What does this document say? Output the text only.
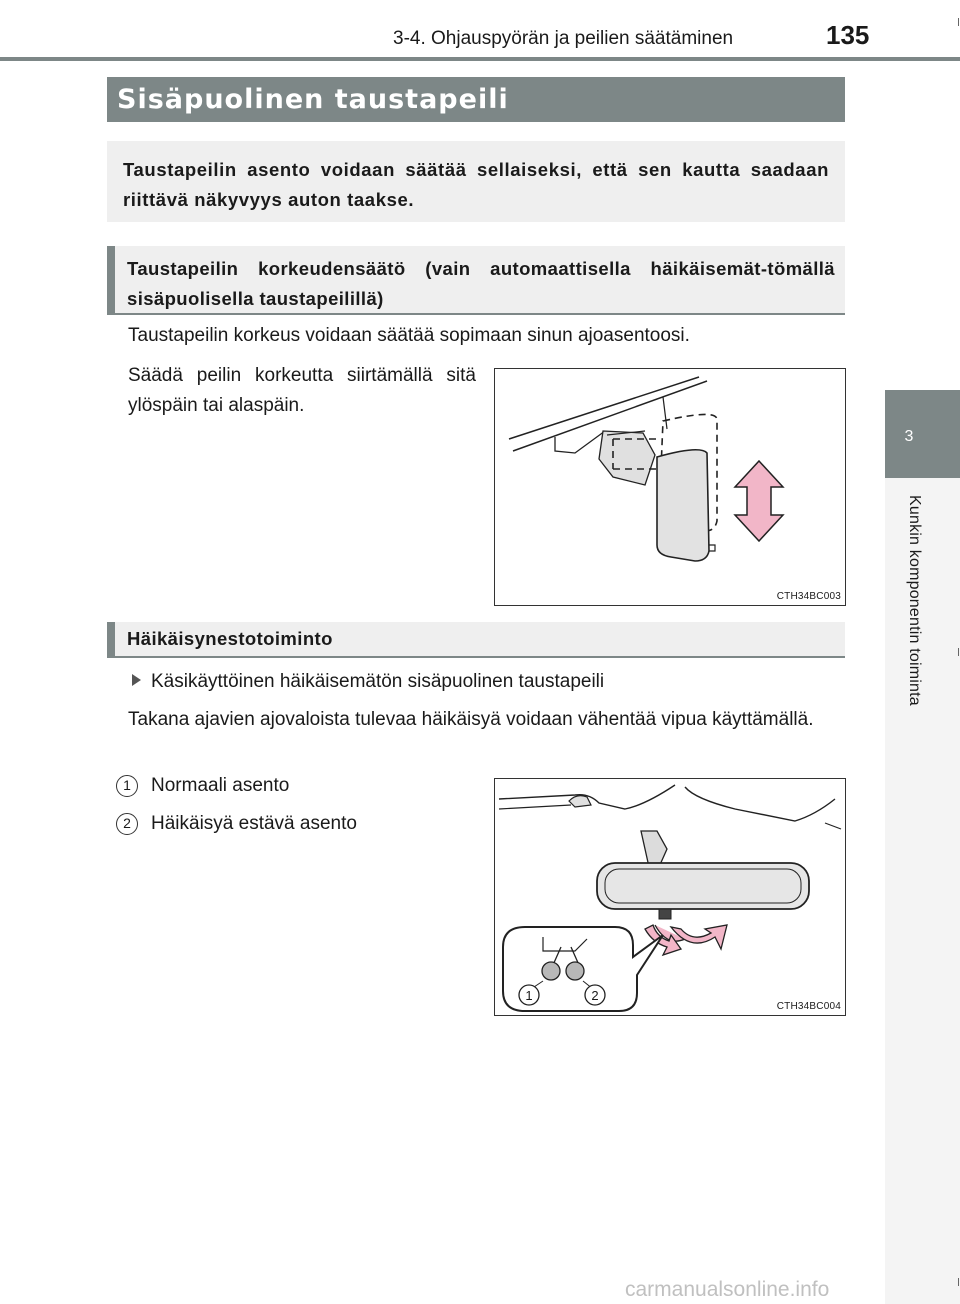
3-4. Ohjauspyörän ja peilien säätäminen	135
3
Kunkin komponentin toiminta
Sisäpuolinen taustapeili
Taustapeilin asento voidaan säätää sellaiseksi, että sen kautta saadaan riittävä näkyvyys auton taakse.
Taustapeilin korkeudensäätö (vain automaattisella häikäisemät-tömällä sisäpuolisella taustapeilillä)
Taustapeilin korkeus voidaan säätää sopimaan sinun ajoasentoosi.
Säädä peilin korkeutta siirtämällä sitä ylöspäin tai alaspäin.
CTH34BC003
Häikäisynestotoiminto
Käsikäyttöinen häikäisemätön sisäpuolinen taustapeili
Takana ajavien ajovaloista tulevaa häikäisyä voidaan vähentää vipua käyttämällä.
1	Normaali asento
2	Häikäisyä estävä asento
1	2
CTH34BC004
carmanualsonline.info
